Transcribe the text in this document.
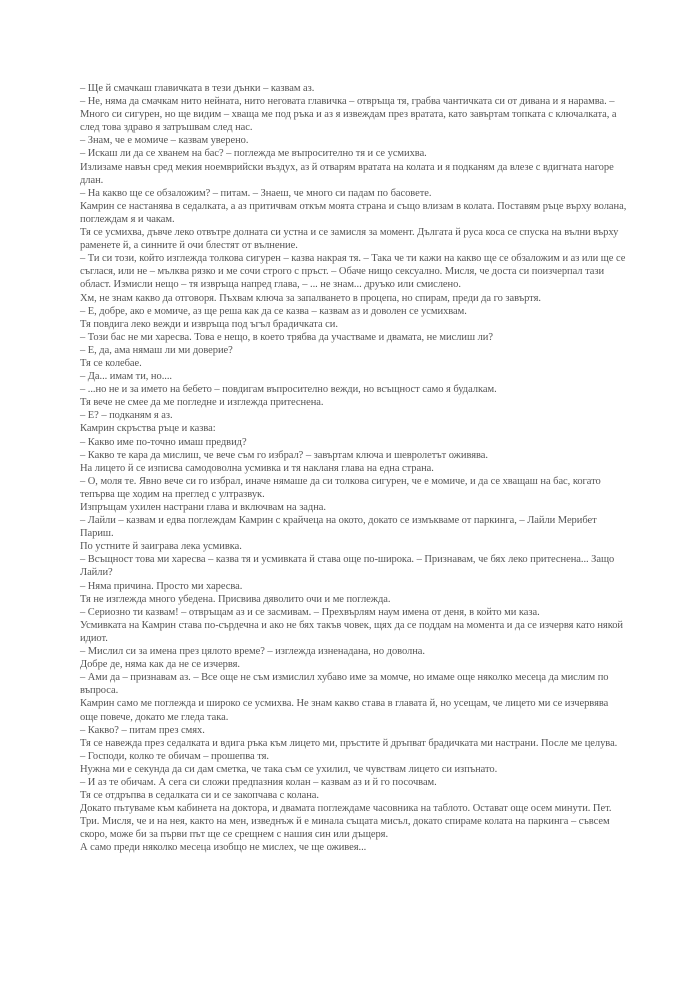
– Ще й смачкаш главичката в тези дънки – казвам аз.

– Не, няма да смачкам нито нейната, нито неговата главичка – отвръща тя, грабва чантичката си от дивана и я нарамва. – Много си сигурен, но ще видим – хваща ме под ръка и аз я извеждам през вратата, като завъртам топката с ключалката, а след това здраво я затръшвам след нас.

– Знам, че е момиче – казвам уверено.

– Искаш ли да се хванем на бас? – поглежда ме въпросително тя и се усмихва.

Излизаме навън сред мекия ноемврийски въздух, аз й отварям вратата на колата и я подканям да влезе с вдигната нагоре длан.

– На какво ще се обзаложим? – питам. – Знаеш, че много си падам по басовете.

Камрин се настанява в седалката, а аз притичвам откъм моята страна и също влизам в колата. Поставям ръце върху волана, поглеждам я и чакам.

Тя се усмихва, дъвче леко отвътре долната си устна и се замисля за момент. Дългата й руса коса се спуска на вълни върху раменете й, а синните й очи блестят от вълнение.

– Ти си този, който изглежда толкова сигурен – казва накрая тя. – Така че ти кажи на какво ще се обзаложим и аз или ще се съглася, или не – мълква рязко и ме сочи строго с пръст. – Обаче нищо сексуално. Мисля, че доста си поизчерпал тази област. Измисли нещо – тя извръща напред глава, – ... не знам... друъко или смислено.

Хм, не знам какво да отговоря. Пъхвам ключа за запалването в процепа, но спирам, преди да го завъртя.

– Е, добре, ако е момиче, аз ще реша как да се казва – казвам аз и доволен се усмихвам.

Тя повдига леко вежди и извръща под ъгъл брадичката си.

– Този бас не ми харесва. Това е нещо, в което трябва да участваме и двамата, не мислиш ли?

– Е, да, ама нямаш ли ми доверие?

Тя се колебае.

– Да... имам ти, но....

– ...но не и за името на бебето – повдигам въпросително вежди, но всъщност само я будалкам.

Тя вече не смее да ме погледне и изглежда притеснена.

– Е? – подканям я аз.

Камрин скръства ръце и казва:

– Какво име по-точно имаш предвид?

– Какво те кара да мислиш, че вече съм го избрал? – завъртам ключа и шевролетът оживява.

На лицето й се изписва самодоволна усмивка и тя накланя глава на една страна.

– О, моля те. Явно вече си го избрал, иначе нямаше да си толкова сигурен, че е момиче, и да се хващаш на бас, когато тепърва ще ходим на преглед с ултразвук.

Изпръщам ухилен настрани глава и включвам на задна.

– Лайли – казвам и едва поглеждам Камрин с крайчеца на окото, докато се измъкваме от паркинга, – Лайли Мерибет Париш.

По устните й заиграва лека усмивка.

– Всъщност това ми харесва – казва тя и усмивката й става още по-широка. – Признавам, че бях леко притеснена... Защо Лайли?

– Няма причина. Просто ми харесва.

Тя не изглежда много убедена. Присвива дяволито очи и ме поглежда.

– Сериозно ти казвам! – отвръщам аз и се засмивам. – Прехвърлям наум имена от деня, в който ми каза.

Усмивката на Камрин става по-сърдечна и ако не бях такъв човек, щях да се поддам на момента и да се изчервя като някой идиот.

– Мислил си за имена през цялото време? – изглежда изненадана, но доволна.

Добре де, няма как да не се изчервя.

– Ами да – признавам аз. – Все още не съм измислил хубаво име за момче, но имаме още няколко месеца да мислим по въпроса.

Камрин само ме поглежда и широко се усмихва. Не знам какво става в главата й, но усещам, че лицето ми се изчервява още повече, докато ме гледа така.

– Какво? – питам през смях.

Тя се навежда през седалката и вдига ръка към лицето ми, пръстите й дръпват брадичката ми настрани. После ме целува.

– Господи, колко те обичам – прошепва тя.

Нужна ми е секунда да си дам сметка, че така съм се ухилил, че чувствам лицето си изпънато.

– И аз те обичам. А сега си сложи предпазния колан – казвам аз и й го посочвам.

Тя се отдръпва в седалката си и се закопчава с колана.

Докато пътуваме към кабинета на доктора, и двамата поглеждаме часовника на таблото. Остават още осем минути. Пет. Три. Мисля, че и на нея, както на мен, изведнъж й е минала същата мисъл, докато спираме колата на паркинга – съвсем скоро, може би за първи път ще се срещнем с нашия син или дъщеря.

А само преди няколко месеца изобщо не мислех, че ще оживея...
